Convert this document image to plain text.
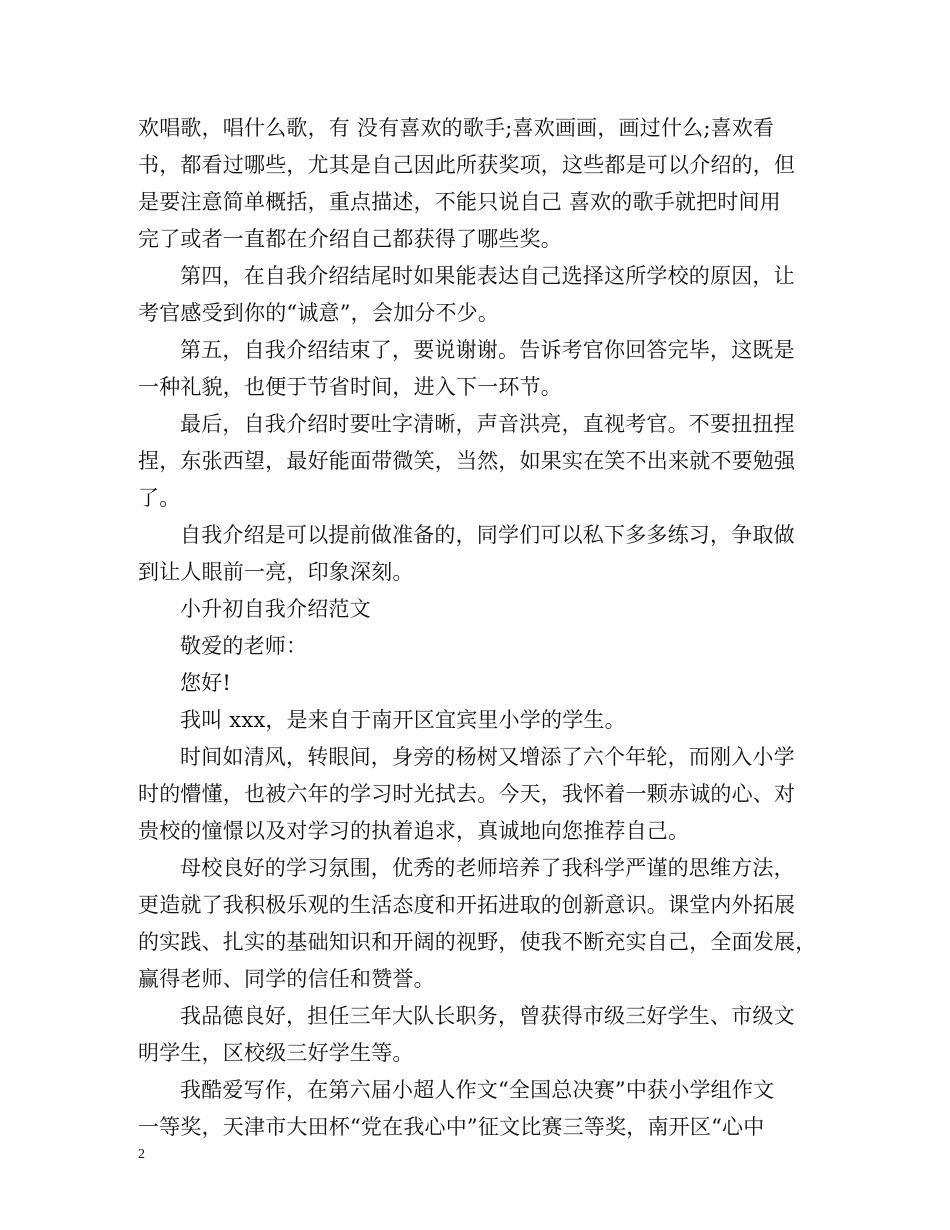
欢唱歌，唱什么歌，有 没有喜欢的歌手;喜欢画画，画过什么;喜欢看
书，都看过哪些，尤其是自己因此所获奖项，这些都是可以介绍的，但
是要注意简单概括，重点描述，不能只说自己 喜欢的歌手就把时间用
完了或者一直都在介绍自己都获得了哪些奖。
第四，在自我介绍结尾时如果能表达自己选择这所学校的原因，让
考官感受到你的“诚意”，会加分不少。
第五，自我介绍结束了，要说谢谢。告诉考官你回答完毕，这既是
一种礼貌，也便于节省时间，进入下一环节。
最后，自我介绍时要吐字清晰，声音洪亮，直视考官。不要扭扭捏
捏，东张西望，最好能面带微笑，当然，如果实在笑不出来就不要勉强
了。
自我介绍是可以提前做准备的，同学们可以私下多多练习，争取做
到让人眼前一亮，印象深刻。
小升初自我介绍范文
敬爱的老师：
您好!
我叫 xxx，是来自于南开区宜宾里小学的学生。
时间如清风，转眼间，身旁的杨树又增添了六个年轮，而刚入小学
时的懵懂，也被六年的学习时光拭去。今天，我怀着一颗赤诚的心、对
贵校的憧憬以及对学习的执着追求，真诚地向您推荐自己。
母校良好的学习氛围，优秀的老师培养了我科学严谨的思维方法，
更造就了我积极乐观的生活态度和开拓进取的创新意识。课堂内外拓展
的实践、扎实的基础知识和开阔的视野，使我不断充实自己，全面发展，
赢得老师、同学的信任和赞誉。
我品德良好，担任三年大队长职务，曾获得市级三好学生、市级文
明学生，区校级三好学生等。
我酷爱写作，在第六届小超人作文“全国总决赛”中获小学组作文
一等奖，天津市大田杯“党在我心中”征文比赛三等奖，南开区“心中
2
